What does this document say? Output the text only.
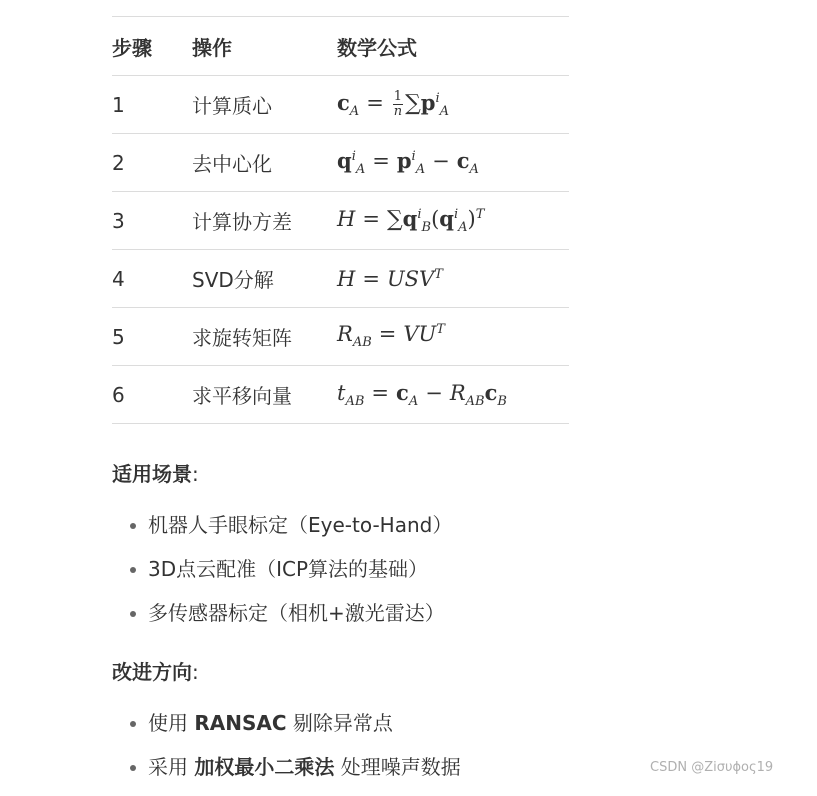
步骤	操作	数学公式
1	计算质心	$c_A = \frac{1}{n} \sum p^i_A$
2	去中心化	$q^i_A = p^i_A - c_A$
3	计算协方差	$H = \sum q^i_B(q^i_A)^T$
4	SVD分解	$H = USV^T$
5	求旋转矩阵	$R_{AB} = VU^T$
6	求平移向量	$t_{AB} = c_A - R_{AB}c_B$

适用场景:

机器人手眼标定（Eye-to-Hand）
3D点云配准（ICP算法的基础）
多传感器标定（相机+激光雷达）

改进方向:

使用 RANSAC 剔除异常点
采用 加权最小二乘法 处理噪声数据	CSDN @Ziσυϕος19
